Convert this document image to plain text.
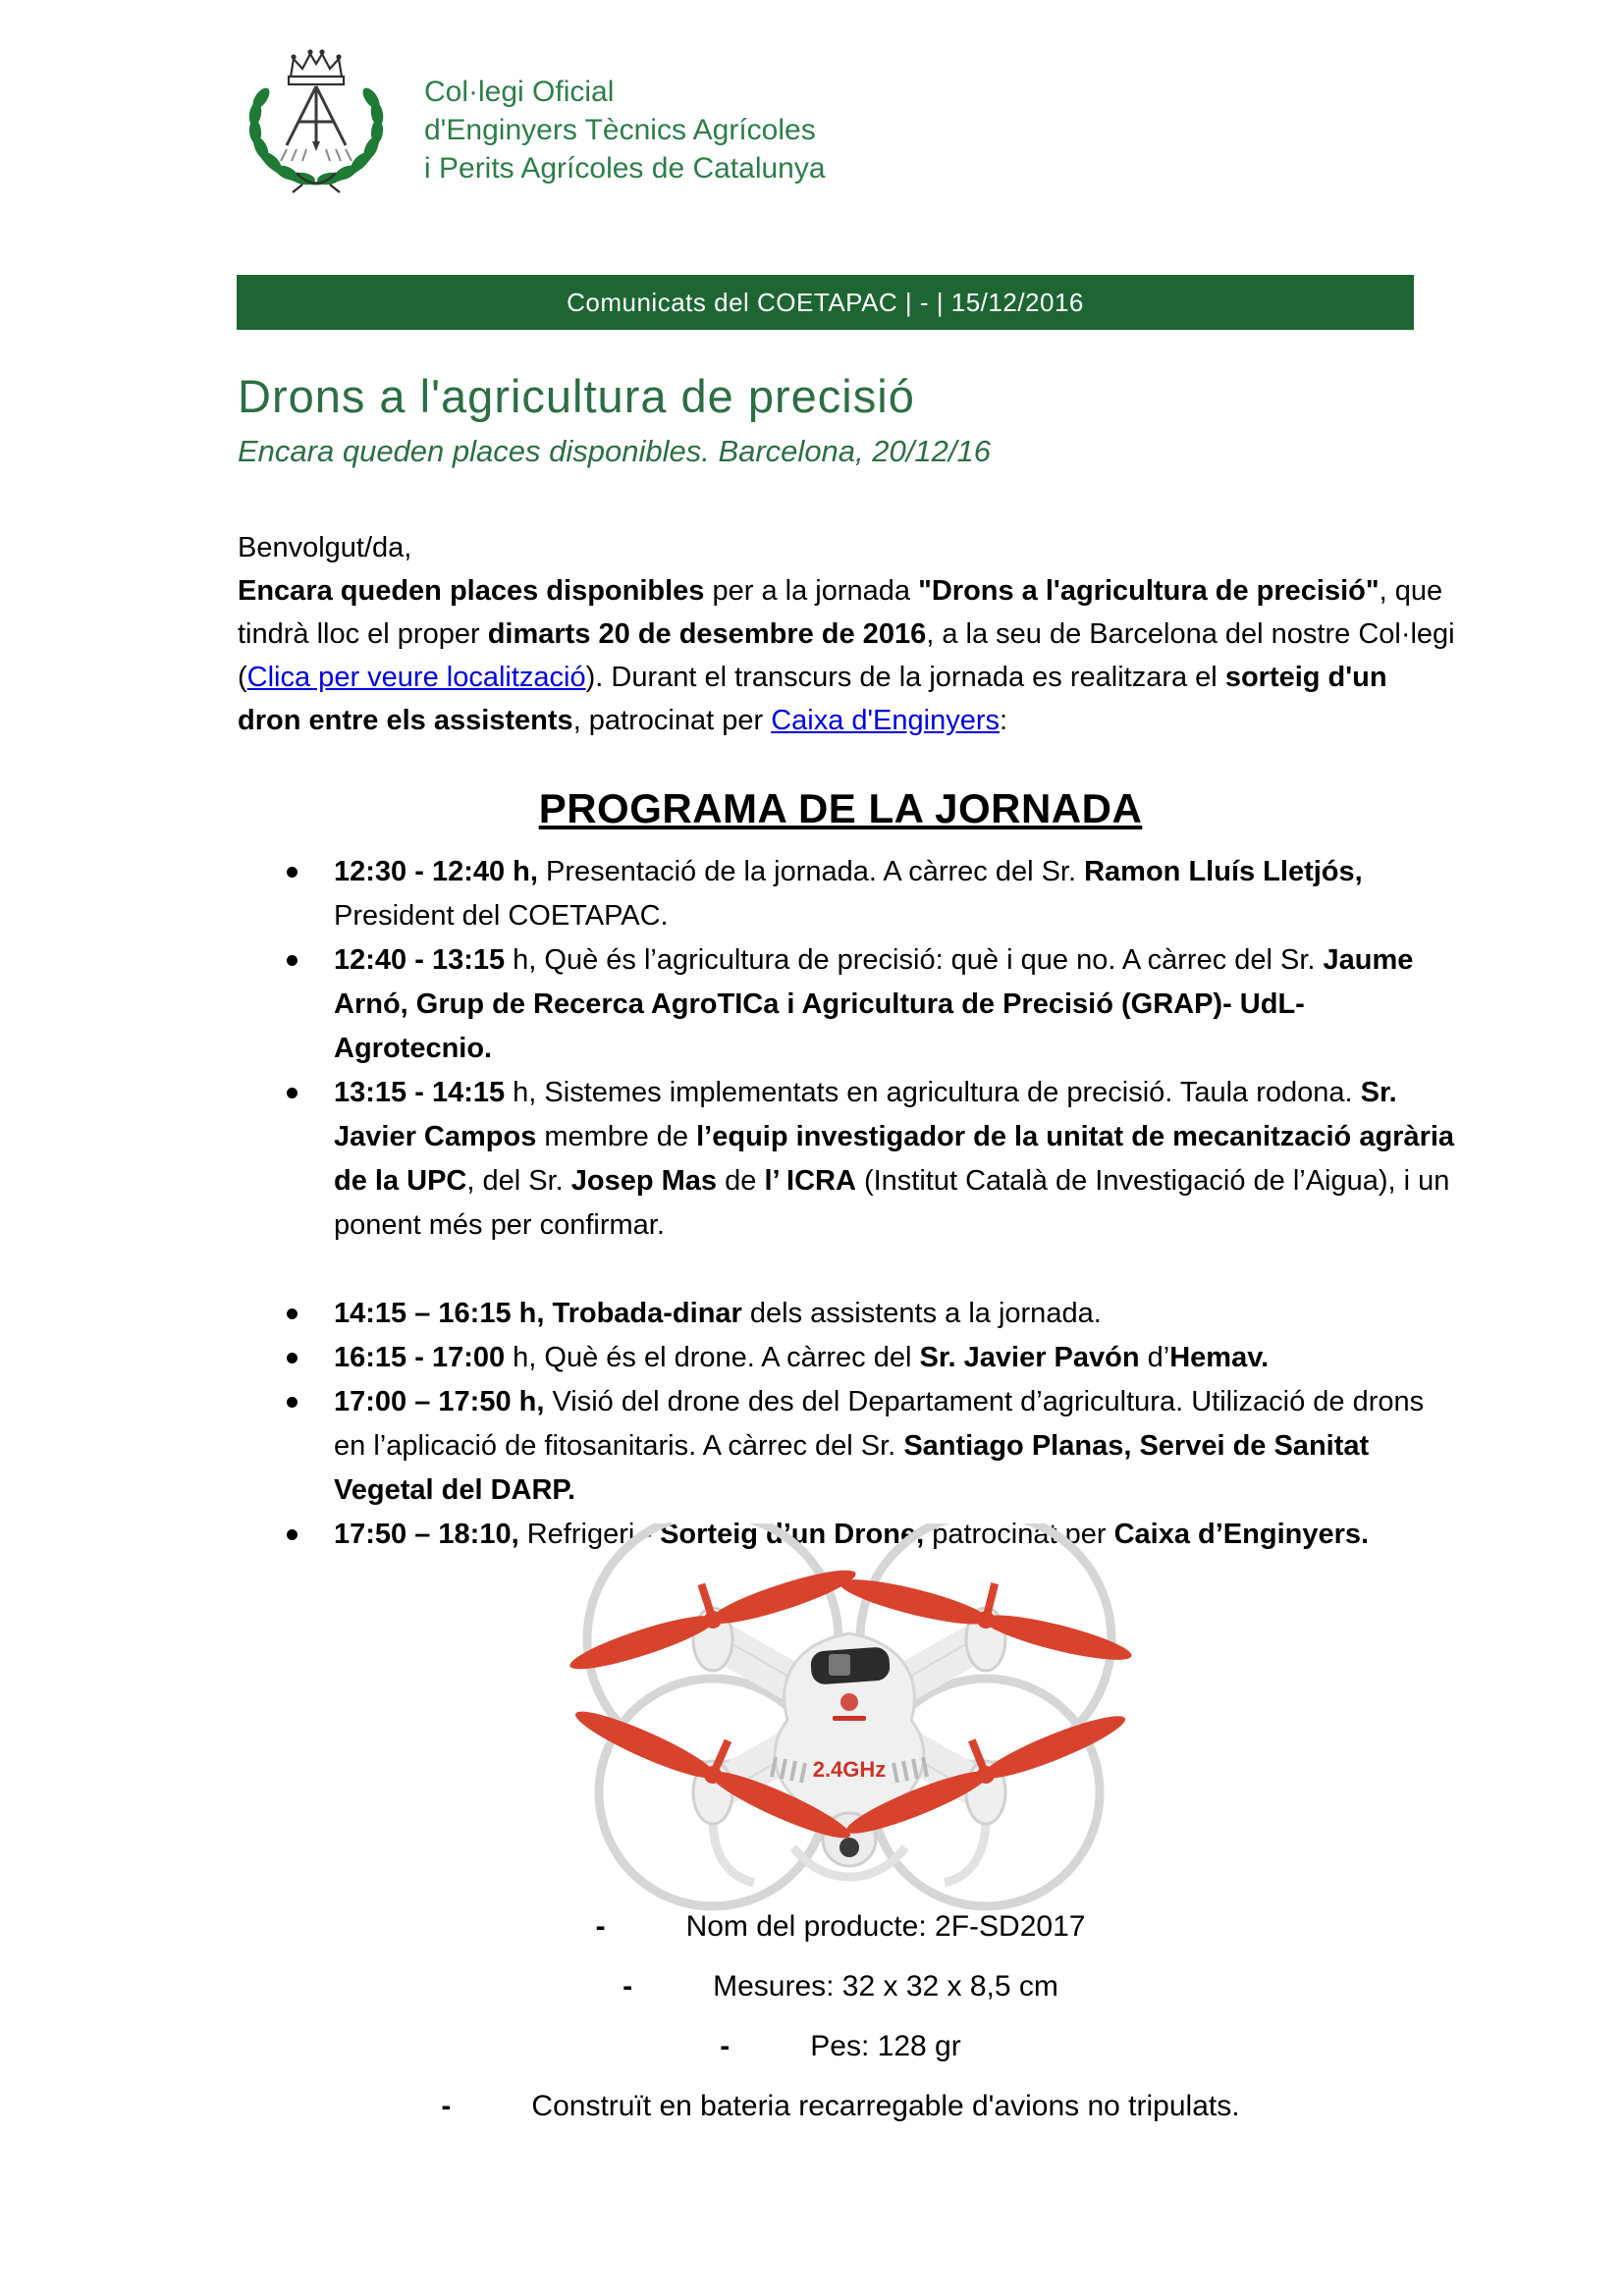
Col·legi Oficial
d'Enginyers Tècnics Agrícoles
i Perits Agrícoles de Catalunya
Comunicats del COETAPAC | - | 15/12/2016
Drons a l'agricultura de precisió
Encara queden places disponibles. Barcelona, 20/12/16
Benvolgut/da,
Encara queden places disponibles per a la jornada "Drons a l'agricultura de precisió", que tindrà lloc el proper dimarts 20 de desembre de 2016, a la seu de Barcelona del nostre Col·legi (Clica per veure localització). Durant el transcurs de la jornada es realitzara el sorteig d'un dron entre els assistents, patrocinat per Caixa d'Enginyers:
PROGRAMA DE LA JORNADA
12:30 - 12:40 h, Presentació de la jornada. A càrrec del Sr. Ramon Lluís Lletjós, President del COETAPAC.
12:40 - 13:15 h, Què és l’agricultura de precisió: què i que no. A càrrec del Sr. Jaume Arnó, Grup de Recerca AgroTICa i Agricultura de Precisió (GRAP)- UdL-Agrotecnio.
13:15 - 14:15 h, Sistemes implementats en agricultura de precisió. Taula rodona. Sr. Javier Campos membre de l’equip investigador de la unitat de mecanització agrària de la UPC, del Sr. Josep Mas de l’ ICRA (Institut Català de Investigació de l’Aigua), i un ponent més per confirmar.
14:15 – 16:15 h, Trobada-dinar dels assistents a la jornada.
16:15 - 17:00 h, Què és el drone. A càrrec del Sr. Javier Pavón d’Hemav.
17:00 – 17:50 h, Visió del drone des del Departament d’agricultura. Utilizació de drons en l’aplicació de fitosanitaris. A càrrec del Sr. Santiago Planas, Servei de Sanitat Vegetal del DARP.
17:50 – 18:10, Refrigeri - Sorteig d’un Drone, patrocinat per Caixa d’Enginyers.
2.4GHz
-	Nom del producte: 2F-SD2017
-	Mesures: 32 x 32 x 8,5 cm
-	Pes: 128 gr
-	Construït en bateria recarregable d'avions no tripulats.
